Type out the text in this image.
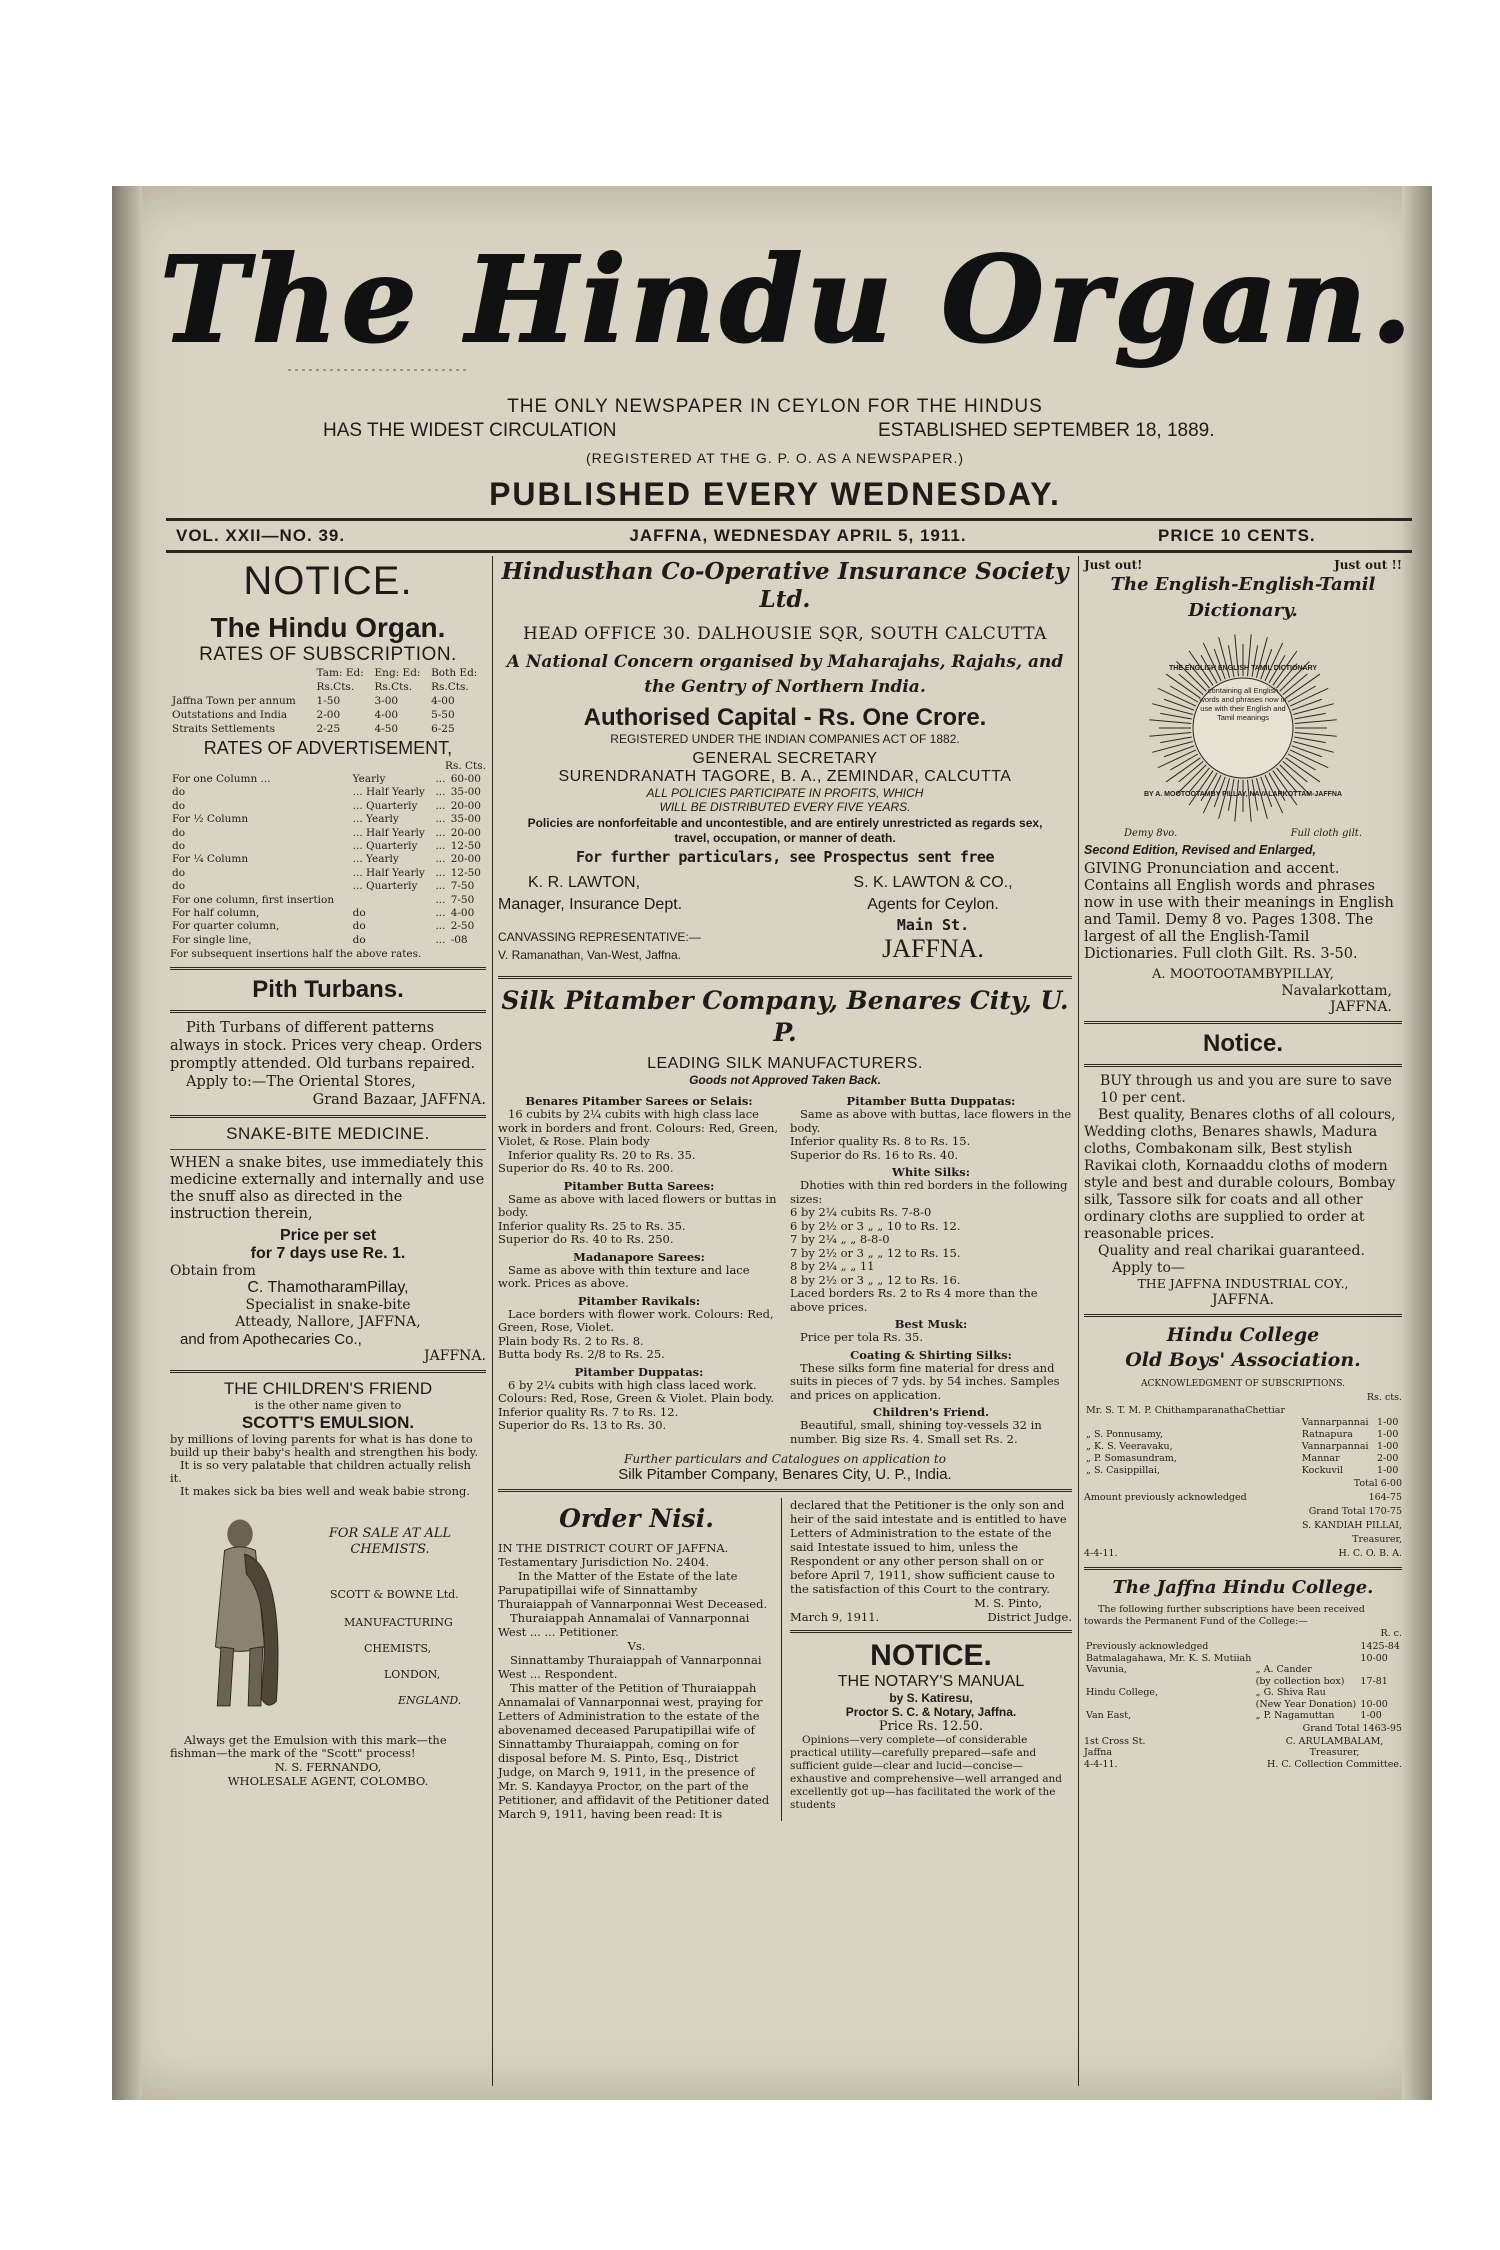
The Hindu Organ.
THE ONLY NEWSPAPER IN CEYLON FOR THE HINDUS
HAS THE WIDEST CIRCULATION	ESTABLISHED SEPTEMBER 18, 1889.
(REGISTERED AT THE G. P. O. AS A NEWSPAPER.)
PUBLISHED EVERY WEDNESDAY.
VOL. XXII—NO. 39.	JAFFNA, WEDNESDAY APRIL 5, 1911.	PRICE 10 CENTS.
NOTICE.
The Hindu Organ.
RATES OF SUBSCRIPTION.
	Tam: Ed:	Eng: Ed:	Both Ed:
	Rs.Cts.	Rs.Cts.	Rs.Cts.
Jaffna Town per annum	1-50	3-00	4-00
Outstations and India	2-00	4-00	5-50
Straits Settlements	2-25	4-50	6-25
RATES OF ADVERTISEMENT,
Rs. Cts.
For one Column ...	Yearly	...	60-00
do	... Half Yearly	...	35-00
do	... Quarterly	...	20-00
For ½ Column	... Yearly	...	35-00
do	... Half Yearly	...	20-00
do	... Quarterly	...	12-50
For ¼ Column	... Yearly	...	20-00
do	... Half Yearly	...	12-50
do	... Quarterly	...	7-50
For one column, first insertion		...	7-50
For half column,	do	...	4-00
For quarter column,	do	...	2-50
For single line,	do	...	-08
For subsequent insertions half the above rates.
Pith Turbans.
Pith Turbans of different patterns always in stock. Prices very cheap. Orders promptly attended. Old turbans repaired.
Apply to:—The Oriental Stores,
Grand Bazaar, JAFFNA.
SNAKE-BITE MEDICINE.
WHEN a snake bites, use immediately this medicine externally and internally and use the snuff also as directed in the instruction therein,
Price per set
for 7 days use Re. 1.
Obtain from
C. ThamotharamPillay,
Specialist in snake-bite
Atteady, Nallore, JAFFNA,
and from Apothecaries Co.,
JAFFNA.
THE CHILDREN'S FRIEND
is the other name given to
SCOTT'S EMULSION.
by millions of loving parents for what is has done to build up their baby's health and strengthen his body.
It is so very palatable that children actually relish it.
It makes sick ba bies well and weak babie strong.
FOR SALE AT ALL CHEMISTS.
SCOTT & BOWNE Ltd.
MANUFACTURING
CHEMISTS,
LONDON,
ENGLAND.
Always get the Emulsion with this mark—the fishman—the mark of the "Scott" process!
N. S. FERNANDO,
WHOLESALE AGENT, COLOMBO.
Hindusthan Co-Operative Insurance Society Ltd.
HEAD OFFICE 30. DALHOUSIE SQR, SOUTH CALCUTTA
A National Concern organised by Maharajahs, Rajahs, and the Gentry of Northern India.
Authorised Capital - Rs. One Crore.
REGISTERED UNDER THE INDIAN COMPANIES ACT OF 1882.
GENERAL SECRETARY
SURENDRANATH TAGORE, B. A., ZEMINDAR, CALCUTTA
ALL POLICIES PARTICIPATE IN PROFITS, WHICH
WILL BE DISTRIBUTED EVERY FIVE YEARS.
Policies are nonforfeitable and uncontestible, and are entirely unrestricted as regards sex, travel, occupation, or manner of death.
For further particulars, see Prospectus sent free
K. R. LAWTON,
Manager, Insurance Dept.
CANVASSING REPRESENTATIVE:—
V. Ramanathan, Van-West, Jaffna.
S. K. LAWTON & CO.,
Agents for Ceylon.
Main St.
JAFFNA.
Silk Pitamber Company, Benares City, U. P.
LEADING SILK MANUFACTURERS.
Goods not Approved Taken Back.
Benares Pitamber Sarees or Selais:
16 cubits by 2¼ cubits with high class lace work in borders and front. Colours: Red, Green, Violet, & Rose. Plain body
Inferior quality Rs. 20 to Rs. 35.
Superior do Rs. 40 to Rs. 200.
Pitamber Butta Sarees:
Same as above with laced flowers or buttas in body.
Inferior quality Rs. 25 to Rs. 35.
Superior do Rs. 40 to Rs. 250.
Madanapore Sarees:
Same as above with thin texture and lace work. Prices as above.
Pitamber Ravikals:
Lace borders with flower work. Colours: Red, Green, Rose, Violet.
Plain body Rs. 2 to Rs. 8.
Butta body Rs. 2/8 to Rs. 25.
Pitamber Duppatas:
6 by 2¼ cubits with high class laced work. Colours: Red, Rose, Green & Violet. Plain body.
Inferior quality Rs. 7 to Rs. 12.
Superior do Rs. 13 to Rs. 30.
Pitamber Butta Duppatas:
Same as above with buttas, lace flowers in the body.
Inferior quality Rs. 8 to Rs. 15.
Superior do Rs. 16 to Rs. 40.
White Silks:
Dhoties with thin red borders in the following sizes:
6 by 2¼ cubits Rs. 7-8-0
6 by 2½ or 3 „ „ 10 to Rs. 12.
7 by 2¼ „ „ 8-8-0
7 by 2½ or 3 „ „ 12 to Rs. 15.
8 by 2¼ „ „ 11
8 by 2½ or 3 „ „ 12 to Rs. 16.
Laced borders Rs. 2 to Rs 4 more than the above prices.
Best Musk:
Price per tola Rs. 35.
Coating & Shirting Silks:
These silks form fine material for dress and suits in pieces of 7 yds. by 54 inches. Samples and prices on application.
Children's Friend.
Beautiful, small, shining toy-vessels 32 in number. Big size Rs. 4. Small set Rs. 2.
Further particulars and Catalogues on application to
Silk Pitamber Company, Benares City, U. P., India.
Order Nisi.
IN THE DISTRICT COURT OF JAFFNA.
Testamentary Jurisdiction No. 2404.
In the Matter of the Estate of the late Parupatipillai wife of Sinnattamby Thuraiappah of Vannarponnai West Deceased.
Thuraiappah Annamalai of Vannarponnai West ... ... Petitioner.
Vs.
Sinnattamby Thuraiappah of Vannarponnai West ... Respondent.
This matter of the Petition of Thuraiappah Annamalai of Vannarponnai west, praying for Letters of Administration to the estate of the abovenamed deceased Parupatipillai wife of Sinnattamby Thuraiappah, coming on for disposal before M. S. Pinto, Esq., District Judge, on March 9, 1911, in the presence of Mr. S. Kandayya Proctor, on the part of the Petitioner, and affidavit of the Petitioner dated March 9, 1911, having been read: It is
declared that the Petitioner is the only son and heir of the said intestate and is entitled to have Letters of Administration to the estate of the said Intestate issued to him, unless the Respondent or any other person shall on or before April 7, 1911, show sufficient cause to the satisfaction of this Court to the contrary.
M. S. Pinto,
March 9, 1911.	District Judge.
NOTICE.
THE NOTARY'S MANUAL
by S. Katiresu,
Proctor S. C. & Notary, Jaffna.
Price Rs. 12.50.
Opinions—very complete—of considerable practical utility—carefully prepared—safe and sufficient guide—clear and lucid—concise—exhaustive and comprehensive—well arranged and excellently got up—has facilitated the work of the students
Just out!	Just out !!
The English-English-Tamil Dictionary.
THE ENGLISH ENGLISH TAMIL DICTIONARY
containing all English words and phrases now in use with their English and Tamil meanings
BY A. MOOTOOTAMBY PILLAY, NAVALARKOTTAM-JAFFNA
Demy 8vo.	Full cloth gilt.
Second Edition, Revised and Enlarged,
GIVING Pronunciation and accent. Contains all English words and phrases now in use with their meanings in English and Tamil. Demy 8 vo. Pages 1308. The largest of all the English-Tamil Dictionaries. Full cloth Gilt. Rs. 3-50.
A. MOOTOOTAMBYPILLAY,
Navalarkottam,
JAFFNA.
Notice.
BUY through us and you are sure to save 10 per cent.
Best quality, Benares cloths of all colours, Wedding cloths, Benares shawls, Madura cloths, Combakonam silk, Best stylish Ravikai cloth, Kornaaddu cloths of modern style and best and durable colours, Bombay silk, Tassore silk for coats and all other ordinary cloths are supplied to order at reasonable prices.
Quality and real charikai guaranteed.
Apply to—
THE JAFFNA INDUSTRIAL COY.,
JAFFNA.
Hindu College
Old Boys' Association.
ACKNOWLEDGMENT OF SUBSCRIPTIONS.
Rs. cts.
Mr. S. T. M. P. ChithamparanathaChettiar		
	Vannarpannai	1-00
„ S. Ponnusamy,	Ratnapura	1-00
„ K. S. Veeravaku,	Vannarpannai	1-00
„ P. Somasundram,	Mannar	2-00
„ S. Casippillai,	Kockuvil	1-00
Total 6-00
Amount previously acknowledged	164-75
Grand Total 170-75
S. KANDIAH PILLAI,
Treasurer,
4-4-11.	H. C. O. B. A.
The Jaffna Hindu College.
The following further subscriptions have been received towards the Permanent Fund of the College:—
R. c.
Previously acknowledged		1425-84
Batmalagahawa, Mr. K. S. Mutiiah		10-00
Vavunia,	„ A. Cander	
	(by collection box)	17-81
Hindu College,	„ G. Shiva Rau	
	(New Year Donation)	10-00
Van East,	„ P. Nagamuttan	1-00
Grand Total 1463-95
1st Cross St.
Jaffna
4-4-11.
C. ARULAMBALAM,
Treasurer,
H. C. Collection Committee.
